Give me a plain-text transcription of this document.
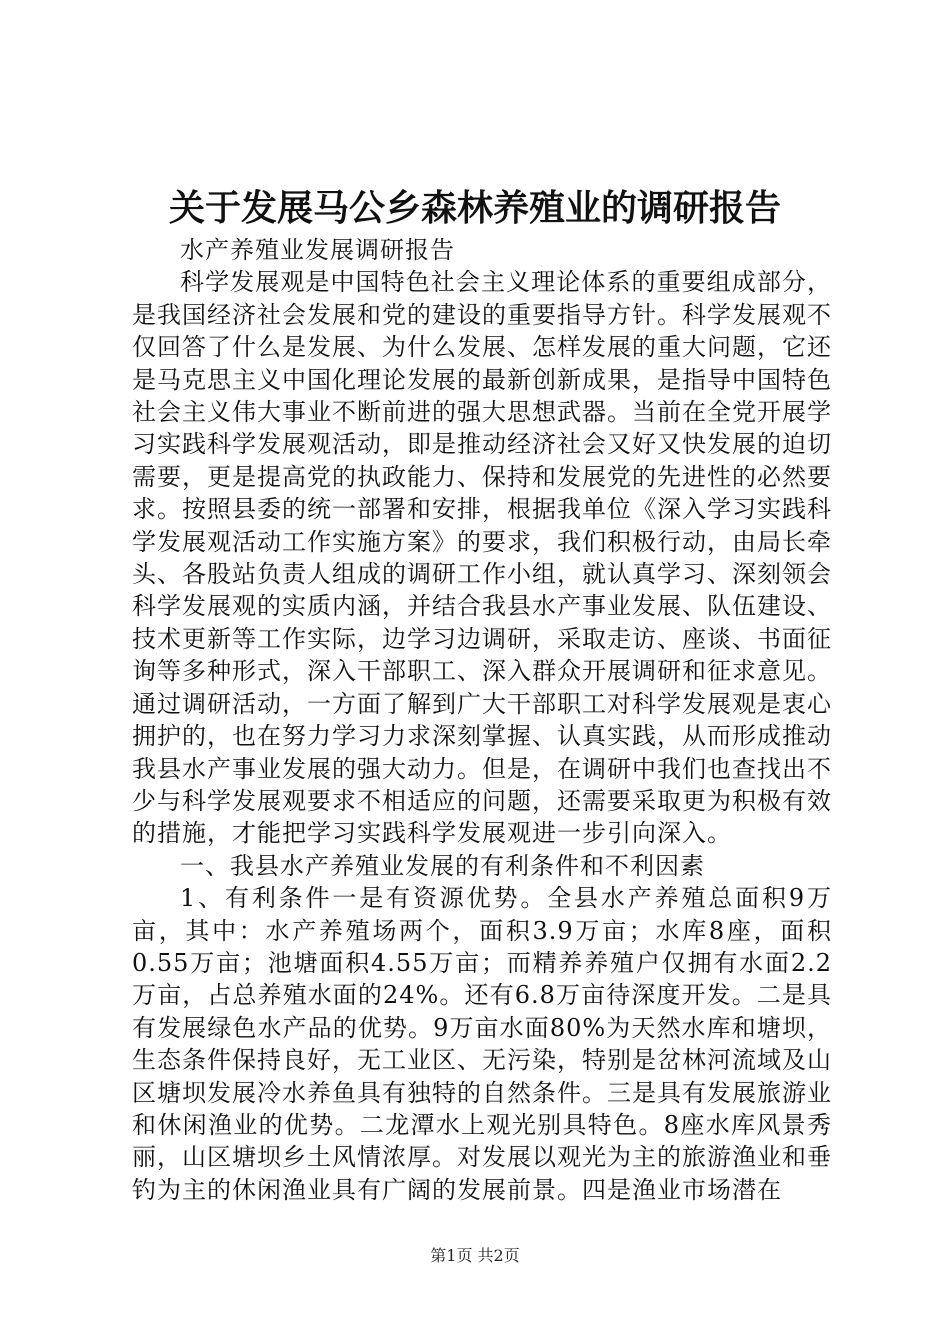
关于发展马公乡森林养殖业的调研报告

水产养殖业发展调研报告

科学发展观是中国特色社会主义理论体系的重要组成部分，是我国经济社会发展和党的建设的重要指导方针。科学发展观不仅回答了什么是发展、为什么发展、怎样发展的重大问题，它还是马克思主义中国化理论发展的最新创新成果，是指导中国特色社会主义伟大事业不断前进的强大思想武器。当前在全党开展学习实践科学发展观活动，即是推动经济社会又好又快发展的迫切需要，更是提高党的执政能力、保持和发展党的先进性的必然要求。按照县委的统一部署和安排，根据我单位《深入学习实践科学发展观活动工作实施方案》的要求，我们积极行动，由局长牵头、各股站负责人组成的调研工作小组，就认真学习、深刻领会科学发展观的实质内涵，并结合我县水产事业发展、队伍建设、技术更新等工作实际，边学习边调研，采取走访、座谈、书面征询等多种形式，深入干部职工、深入群众开展调研和征求意见。通过调研活动，一方面了解到广大干部职工对科学发展观是衷心拥护的，也在努力学习力求深刻掌握、认真实践，从而形成推动我县水产事业发展的强大动力。但是，在调研中我们也查找出不少与科学发展观要求不相适应的问题，还需要采取更为积极有效的措施，才能把学习实践科学发展观进一步引向深入。

一、我县水产养殖业发展的有利条件和不利因素

1、有利条件一是有资源优势。全县水产养殖总面积9万亩，其中：水产养殖场两个，面积3.9万亩；水库8座，面积0.55万亩；池塘面积4.55万亩；而精养养殖户仅拥有水面2.2万亩，占总养殖水面的24%。还有6.8万亩待深度开发。二是具有发展绿色水产品的优势。9万亩水面80%为天然水库和塘坝，生态条件保持良好，无工业区、无污染，特别是岔林河流域及山区塘坝发展冷水养鱼具有独特的自然条件。三是具有发展旅游业和休闲渔业的优势。二龙潭水上观光别具特色。8座水库风景秀丽，山区塘坝乡土风情浓厚。对发展以观光为主的旅游渔业和垂钓为主的休闲渔业具有广阔的发展前景。四是渔业市场潜在

第1页 共2页
